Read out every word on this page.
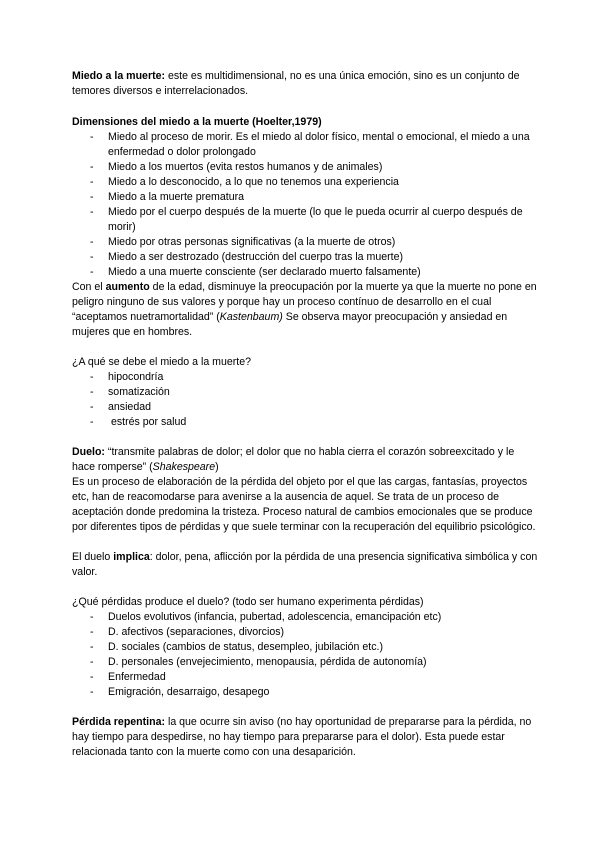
Miedo a la muerte: este es multidimensional, no es una única emoción, sino es un conjunto de temores diversos e interrelacionados.

Dimensiones del miedo a la muerte (Hoelter,1979)

- Miedo al proceso de morir. Es el miedo al dolor físico, mental o emocional, el miedo a una enfermedad o dolor prolongado
- Miedo a los muertos (evita restos humanos y de animales)
- Miedo a lo desconocido, a lo que no tenemos una experiencia
- Miedo a la muerte prematura
- Miedo por el cuerpo después de la muerte (lo que le pueda ocurrir al cuerpo después de morir)
- Miedo por otras personas significativas (a la muerte de otros)
- Miedo a ser destrozado (destrucción del cuerpo tras la muerte)
- Miedo a una muerte consciente (ser declarado muerto falsamente)

Con el aumento de la edad, disminuye la preocupación por la muerte ya que la muerte no pone en peligro ninguno de sus valores y porque hay un proceso contínuo de desarrollo en el cual “aceptamos nuetramortalidad” (Kastenbaum) Se observa mayor preocupación y ansiedad en mujeres que en hombres.

¿A qué se debe el miedo a la muerte?

- hipocondría
- somatización
- ansiedad
-  estrés por salud

Duelo: “transmite palabras de dolor; el dolor que no habla cierra el corazón sobreexcitado y le hace romperse” (Shakespeare)

Es un proceso de elaboración de la pérdida del objeto por el que las cargas, fantasías, proyectos etc, han de reacomodarse para avenirse a la ausencia de aquel. Se trata de un proceso de aceptación donde predomina la tristeza. Proceso natural de cambios emocionales que se produce por diferentes tipos de pérdidas y que suele terminar con la recuperación del equilibrio psicológico.

El duelo implica: dolor, pena, aflicción por la pérdida de una presencia significativa simbólica y con valor.

¿Qué pérdidas produce el duelo? (todo ser humano experimenta pérdidas)

- Duelos evolutivos (infancia, pubertad, adolescencia, emancipación etc)
- D. afectivos (separaciones, divorcios)
- D. sociales (cambios de status, desempleo, jubilación etc.)
- D. personales (envejecimiento, menopausia, pérdida de autonomía)
- Enfermedad
- Emigración, desarraigo, desapego

Pérdida repentina: la que ocurre sin aviso (no hay oportunidad de prepararse para la pérdida, no hay tiempo para despedirse, no hay tiempo para prepararse para el dolor). Esta puede estar relacionada tanto con la muerte como con una desaparición.
